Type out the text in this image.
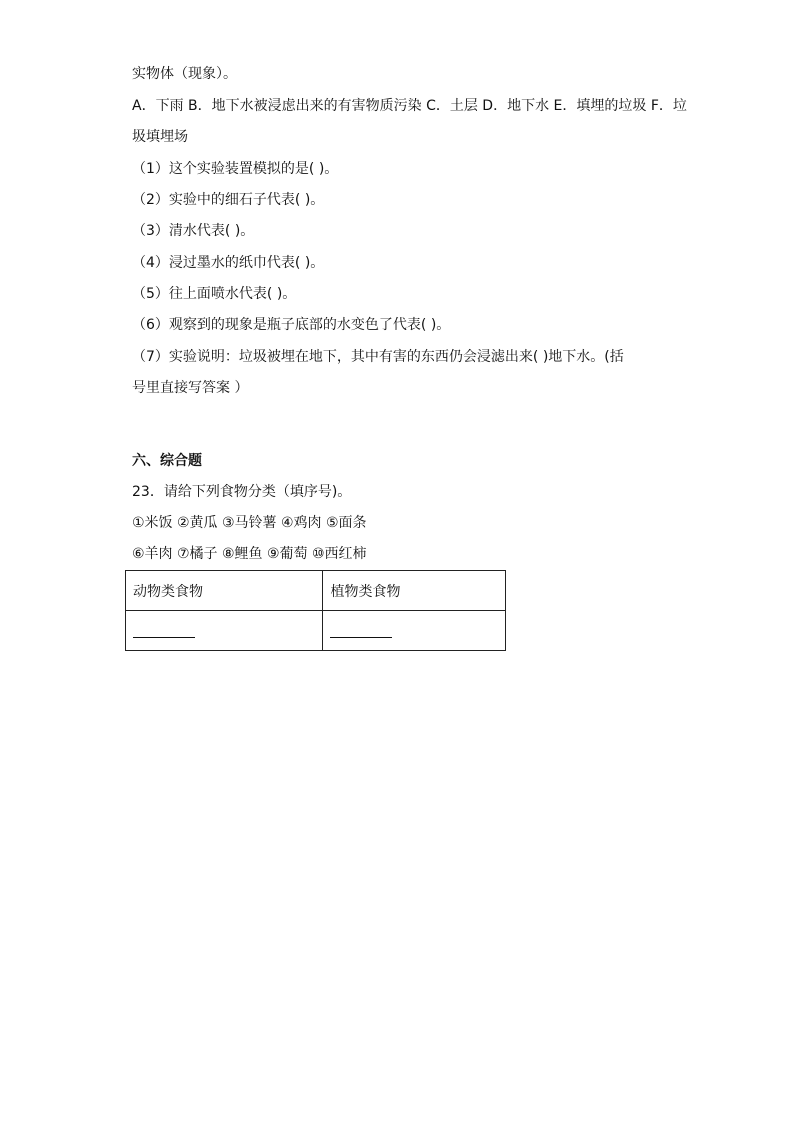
实物体（现象）。
A．下雨 B．地下水被浸虑出来的有害物质污染 C．土层 D．地下水 E．填埋的垃圾 F．垃
圾填埋场
（1）这个实验装置模拟的是( )。
（2）实验中的细石子代表( )。
（3）清水代表( )。
（4）浸过墨水的纸巾代表( )。
（5）往上面喷水代表( )。
（6）观察到的现象是瓶子底部的水变色了代表( )。
（7）实验说明：垃圾被埋在地下，其中有害的东西仍会浸滤出来( )地下水。(括
号里直接写答案 ）
六、综合题
23．请给下列食物分类（填序号)。
①米饭 ②黄瓜 ③马铃薯 ④鸡肉 ⑤面条
⑥羊肉 ⑦橘子 ⑧鲤鱼 ⑨葡萄 ⑩西红柿
动物类食物	植物类食物
